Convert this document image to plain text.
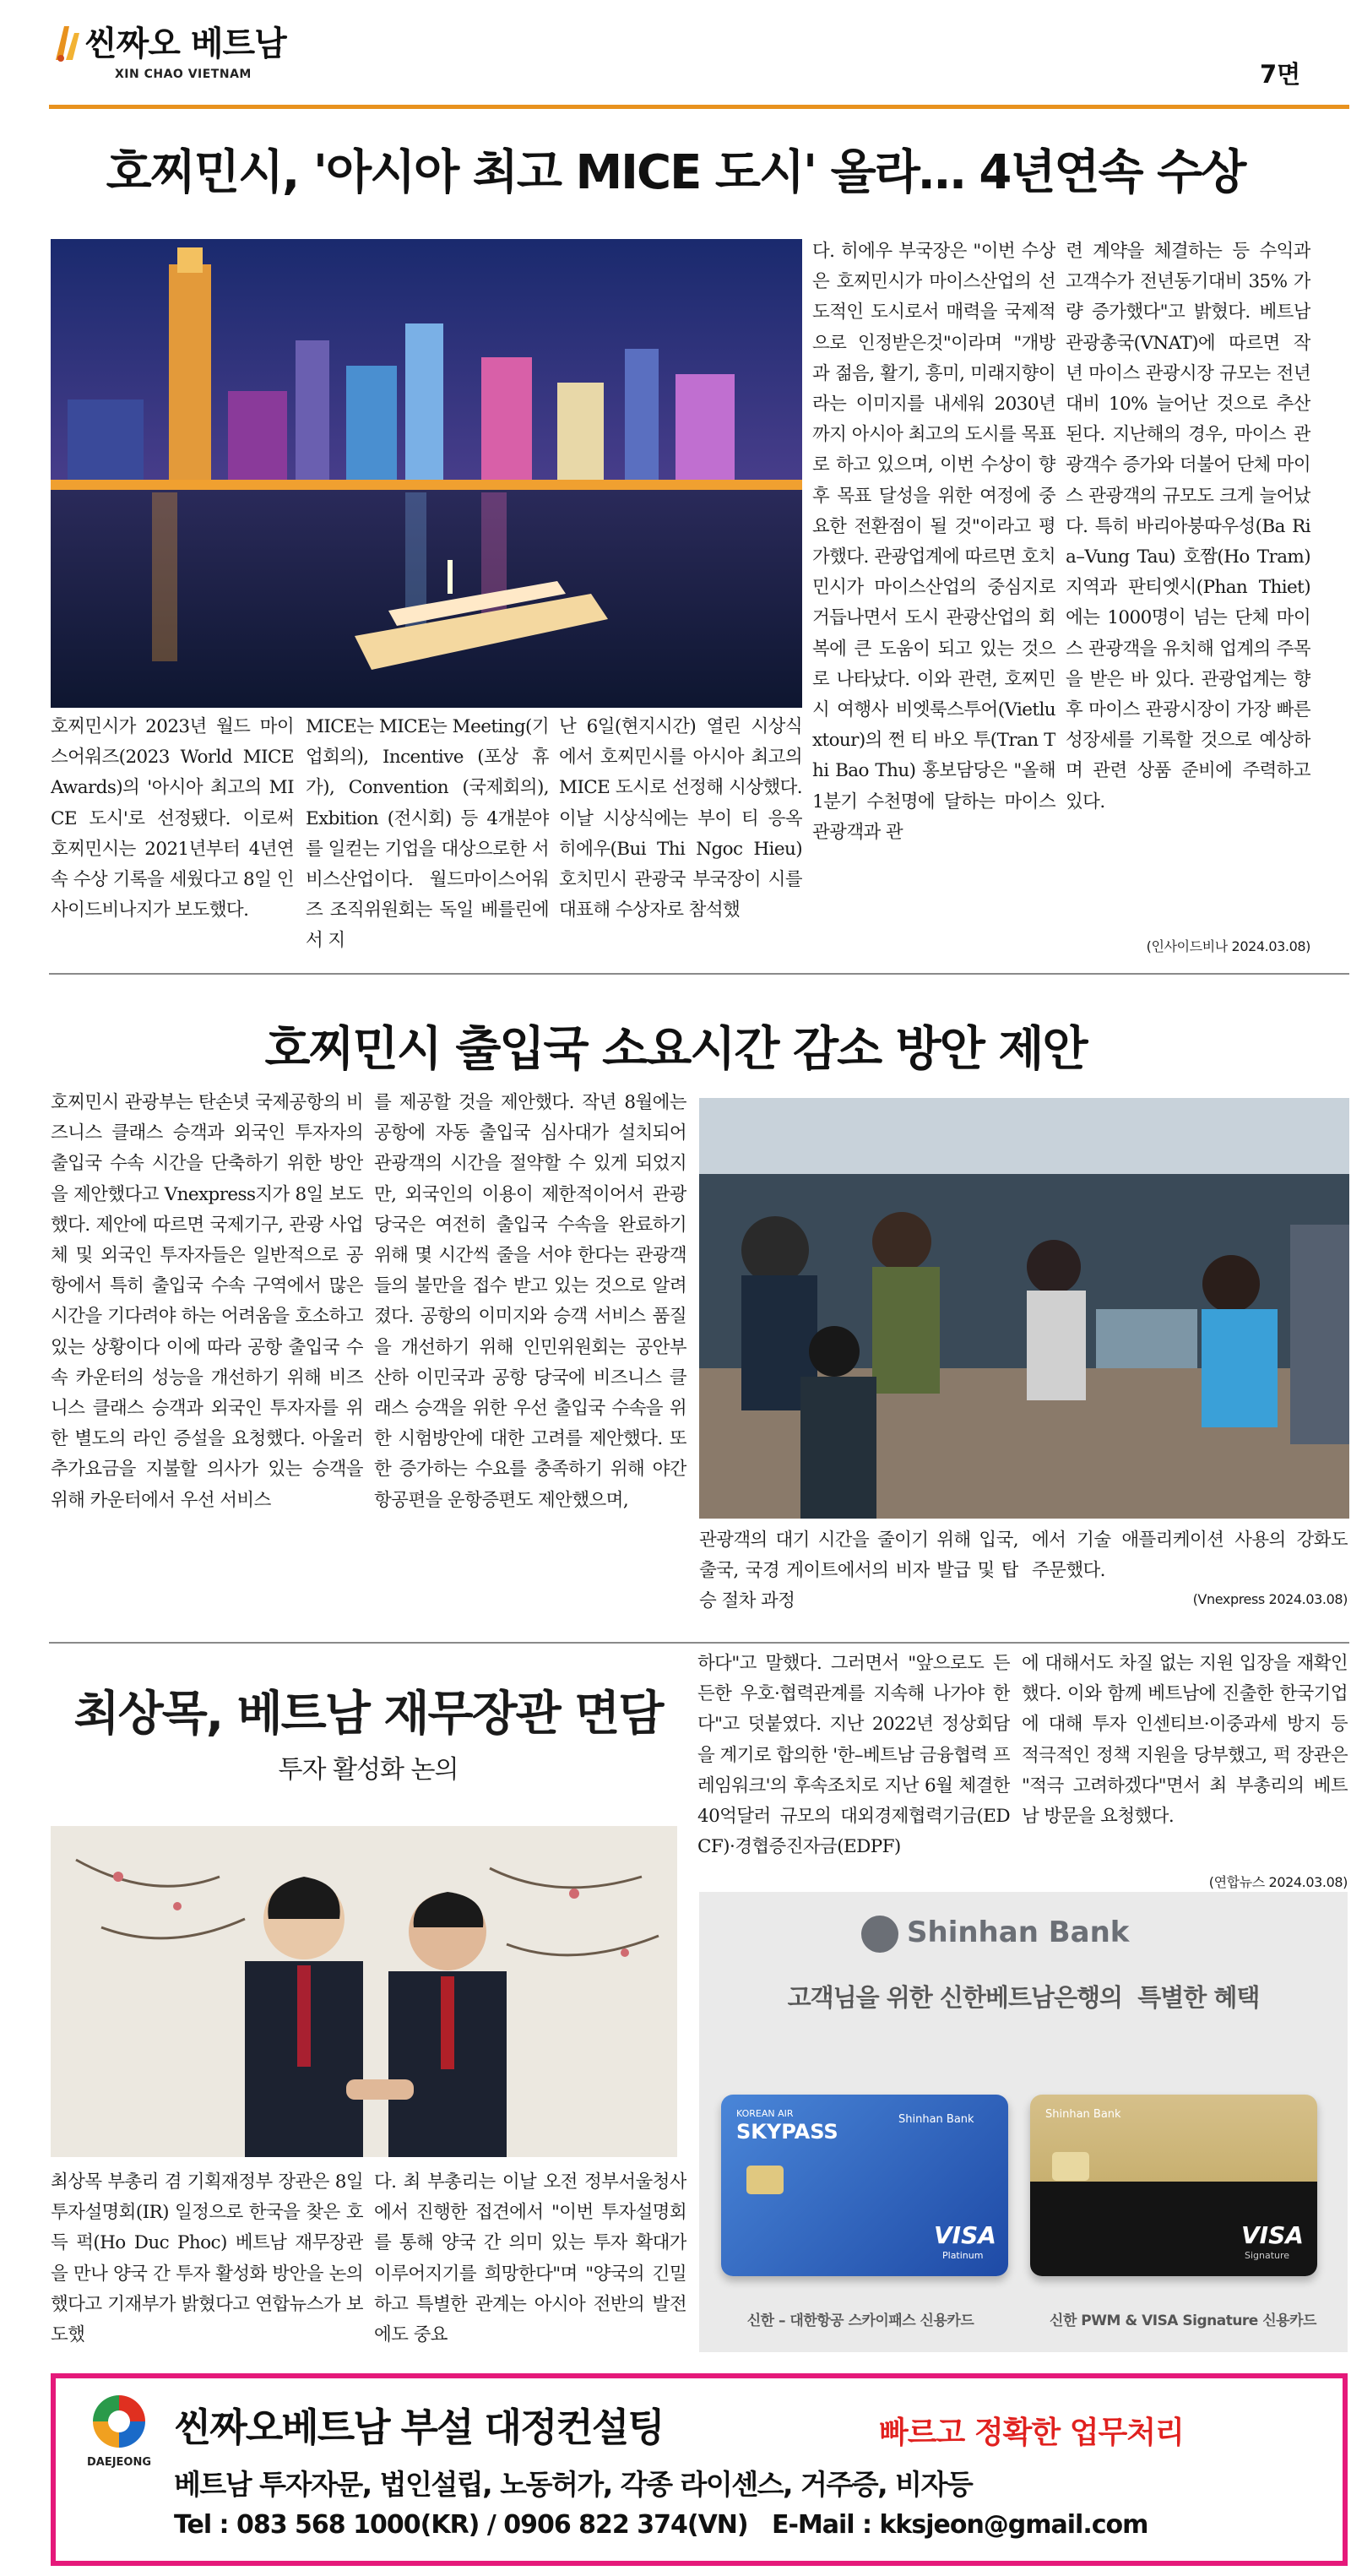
씬짜오 베트남
XIN CHAO VIETNAM	7면
호찌민시, '아시아 최고 MICE 도시' 올라… 4년연속 수상
호찌민시가 2023년 월드 마이스어워즈(2023 World MICE Awards)의 '아시아 최고의 MICE 도시'로 선정됐다. 이로써 호찌민시는 2021년부터 4년연속 수상 기록을 세웠다고 8일 인사이드비나지가 보도했다.
MICE는 MICE는 Meeting(기업회의), Incentive (포상 휴가), Convention (국제회의), Exbition (전시회) 등 4개분야를 일컫는 기업을 대상으로한 서비스산업이다. 월드마이스어워즈 조직위원회는 독일 베를린에서 지
난 6일(현지시간) 열린 시상식에서 호찌민시를 아시아 최고의 MICE 도시로 선정해 시상했다. 이날 시상식에는 부이 티 응옥 히에우(Bui Thi Ngoc Hieu) 호치민시 관광국 부국장이 시를 대표해 수상자로 참석했
다. 히에우 부국장은 "이번 수상은 호찌민시가 마이스산업의 선도적인 도시로서 매력을 국제적으로 인정받은것"이라며 "개방과 젊음, 활기, 흥미, 미래지향이라는 이미지를 내세워 2030년까지 아시아 최고의 도시를 목표로 하고 있으며, 이번 수상이 향후 목표 달성을 위한 여정에 중요한 전환점이 될 것"이라고 평가했다. 관광업계에 따르면 호치민시가 마이스산업의 중심지로 거듭나면서 도시 관광산업의 회복에 큰 도움이 되고 있는 것으로 나타났다. 이와 관련, 호찌민시 여행사 비엣룩스투어(Vietluxtour)의 쩐 티 바오 투(Tran Thi Bao Thu) 홍보담당은 "올해 1분기 수천명에 달하는 마이스 관광객과 관
련 계약을 체결하는 등 수익과 고객수가 전년동기대비 35% 가량 증가했다"고 밝혔다. 베트남관광총국(VNAT)에 따르면 작년 마이스 관광시장 규모는 전년대비 10% 늘어난 것으로 추산된다. 지난해의 경우, 마이스 관광객수 증가와 더불어 단체 마이스 관광객의 규모도 크게 늘어났다. 특히 바리아붕따우성(Ba Ria–Vung Tau) 호짬(Ho Tram)지역과 판티엣시(Phan Thiet)에는 1000명이 넘는 단체 마이스 관광객을 유치해 업계의 주목을 받은 바 있다. 관광업계는 향후 마이스 관광시장이 가장 빠른 성장세를 기록할 것으로 예상하며 관련 상품 준비에 주력하고 있다.
(인사이드비나 2024.03.08)
호찌민시 출입국 소요시간 감소 방안 제안
호찌민시 관광부는 탄손녓 국제공항의 비즈니스 클래스 승객과 외국인 투자자의 출입국 수속 시간을 단축하기 위한 방안을 제안했다고 Vnexpress지가 8일 보도했다. 제안에 따르면 국제기구, 관광 사업체 및 외국인 투자자들은 일반적으로 공항에서 특히 출입국 수속 구역에서 많은 시간을 기다려야 하는 어려움을 호소하고 있는 상황이다 이에 따라 공항 출입국 수속 카운터의 성능을 개선하기 위해 비즈니스 클래스 승객과 외국인 투자자를 위한 별도의 라인 증설을 요청했다. 아울러 추가요금을 지불할 의사가 있는 승객을 위해 카운터에서 우선 서비스
를 제공할 것을 제안했다. 작년 8월에는 공항에 자동 출입국 심사대가 설치되어 관광객의 시간을 절약할 수 있게 되었지만, 외국인의 이용이 제한적이어서 관광 당국은 여전히 출입국 수속을 완료하기 위해 몇 시간씩 줄을 서야 한다는 관광객들의 불만을 접수 받고 있는 것으로 알려졌다. 공항의 이미지와 승객 서비스 품질을 개선하기 위해 인민위원회는 공안부 산하 이민국과 공항 당국에 비즈니스 클래스 승객을 위한 우선 출입국 수속을 위한 시험방안에 대한 고려를 제안했다. 또한 증가하는 수요를 충족하기 위해 야간 항공편을 운항증편도 제안했으며,
관광객의 대기 시간을 줄이기 위해 입국, 출국, 국경 게이트에서의 비자 발급 및 탑승 절차 과정
에서 기술 애플리케이션 사용의 강화도 주문했다.
(Vnexpress 2024.03.08)
최상목, 베트남 재무장관 면담
투자 활성화 논의
최상목 부총리 겸 기획재정부 장관은 8일 투자설명회(IR) 일정으로 한국을 찾은 호 득 퍽(Ho Duc Phoc) 베트남 재무장관을 만나 양국 간 투자 활성화 방안을 논의했다고 기재부가 밝혔다고 연합뉴스가 보도했
다. 최 부총리는 이날 오전 정부서울청사에서 진행한 접견에서 "이번 투자설명회를 통해 양국 간 의미 있는 투자 확대가 이루어지기를 희망한다"며 "양국의 긴밀하고 특별한 관계는 아시아 전반의 발전에도 중요
하다"고 말했다. 그러면서 "앞으로도 든든한 우호·협력관계를 지속해 나가야 한다"고 덧붙였다. 지난 2022년 정상회담을 계기로 합의한 '한–베트남 금융협력 프레임워크'의 후속조치로 지난 6월 체결한 40억달러 규모의 대외경제협력기금(EDCF)·경협증진자금(EDPF)
에 대해서도 차질 없는 지원 입장을 재확인했다. 이와 함께 베트남에 진출한 한국기업에 대해 투자 인센티브·이중과세 방지 등 적극적인 정책 지원을 당부했고, 퍽 장관은 "적극 고려하겠다"면서 최 부총리의 베트남 방문을 요청했다.
(연합뉴스 2024.03.08)
Shinhan Bank
고객님을 위한 신한베트남은행의  특별한 혜택
KOREAN AIR
SKYPASS
Shinhan Bank
VISA
Platinum
Shinhan Bank
VISA
Signature
신한 – 대한항공 스카이패스 신용카드	신한 PWM & VISA Signature 신용카드
DAEJEONG
씬짜오베트남 부설 대정컨설팅	빠르고 정확한 업무처리
베트남 투자자문, 법인설립, 노동허가, 각종 라이센스, 거주증, 비자등
Tel : 083 568 1000(KR) / 0906 822 374(VN)   E-Mail : kksjeon@gmail.com
